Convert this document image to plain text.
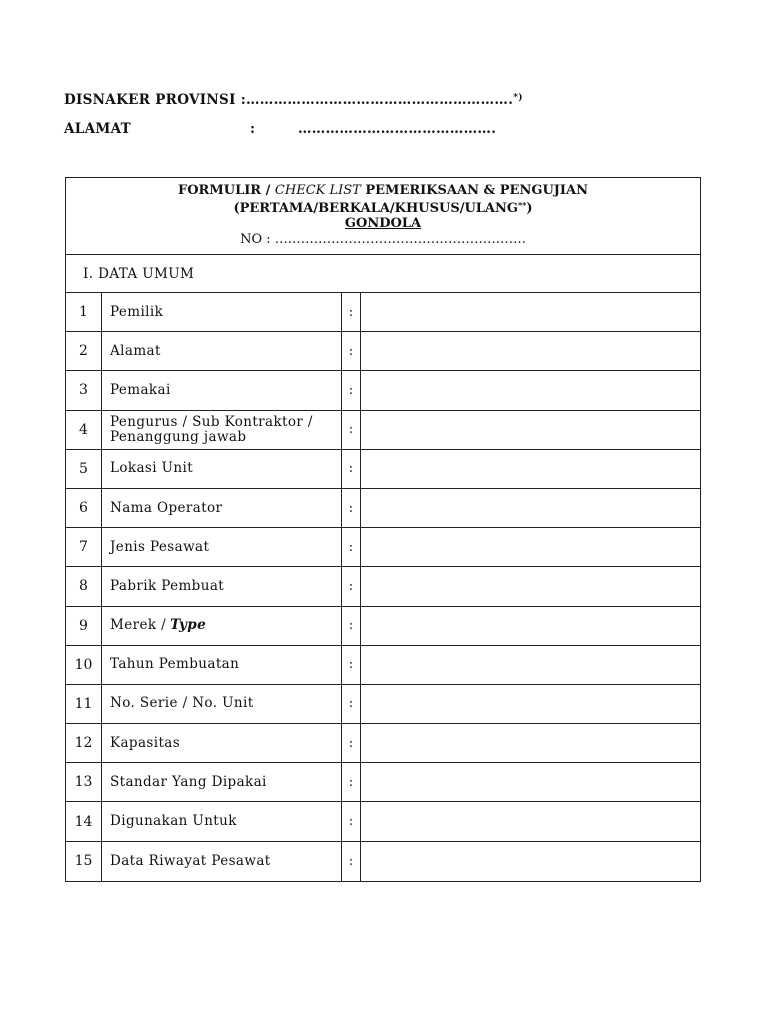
DISNAKER PROVINSI :………………………………………………….*)
ALAMAT	:	…………………………………….
FORMULIR / CHECK LIST PEMERIKSAAN & PENGUJIAN
(PERTAMA/BERKALA/KHUSUS/ULANG**)
GONDOLA
NO : ………………………………………………….
I. DATA UMUM
1	Pemilik	:
2	Alamat	:
3	Pemakai	:
4	Pengurus / Sub Kontraktor / Penanggung jawab	:
5	Lokasi Unit	:
6	Nama Operator	:
7	Jenis Pesawat	:
8	Pabrik Pembuat	:
9	Merek / Type	:
10	Tahun Pembuatan	:
11	No. Serie / No. Unit	:
12	Kapasitas	:
13	Standar Yang Dipakai	:
14	Digunakan Untuk	:
15	Data Riwayat Pesawat	:
